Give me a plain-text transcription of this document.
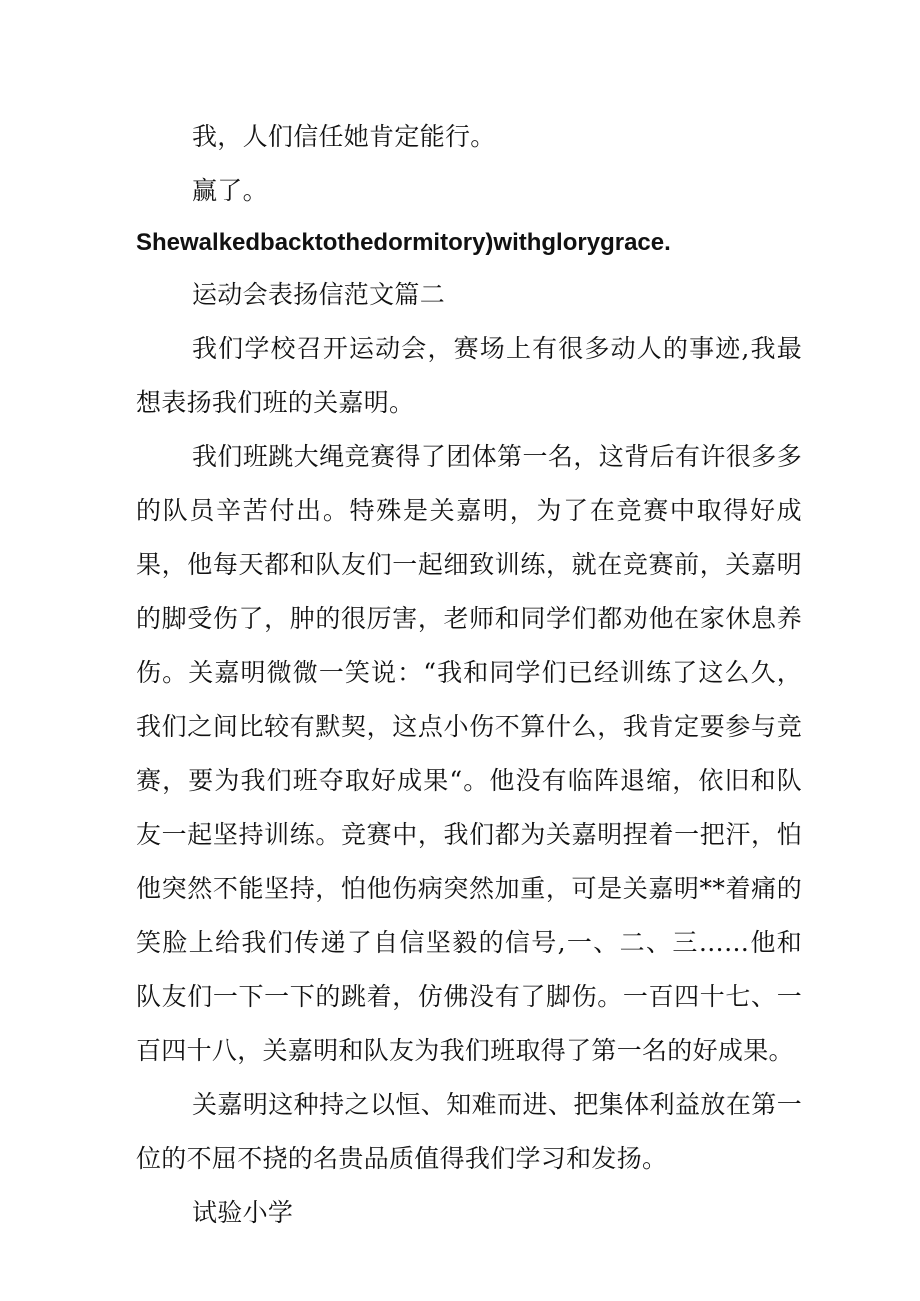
我，人们信任她肯定能行。

赢了。

Shewalkedbacktothedormitory)withglorygrace.

运动会表扬信范文篇二

我们学校召开运动会，赛场上有很多动人的事迹,我最想表扬我们班的关嘉明。

我们班跳大绳竞赛得了团体第一名，这背后有许很多多的队员辛苦付出。特殊是关嘉明，为了在竞赛中取得好成果，他每天都和队友们一起细致训练，就在竞赛前，关嘉明的脚受伤了，肿的很厉害，老师和同学们都劝他在家休息养伤。关嘉明微微一笑说：“我和同学们已经训练了这么久，我们之间比较有默契，这点小伤不算什么，我肯定要参与竞赛，要为我们班夺取好成果“。他没有临阵退缩，依旧和队友一起坚持训练。竞赛中，我们都为关嘉明捏着一把汗，怕他突然不能坚持，怕他伤病突然加重，可是关嘉明**着痛的笑脸上给我们传递了自信坚毅的信号,一、二、三……他和队友们一下一下的跳着，仿佛没有了脚伤。一百四十七、一百四十八，关嘉明和队友为我们班取得了第一名的好成果。

关嘉明这种持之以恒、知难而进、把集体利益放在第一位的不屈不挠的名贵品质值得我们学习和发扬。

试验小学
